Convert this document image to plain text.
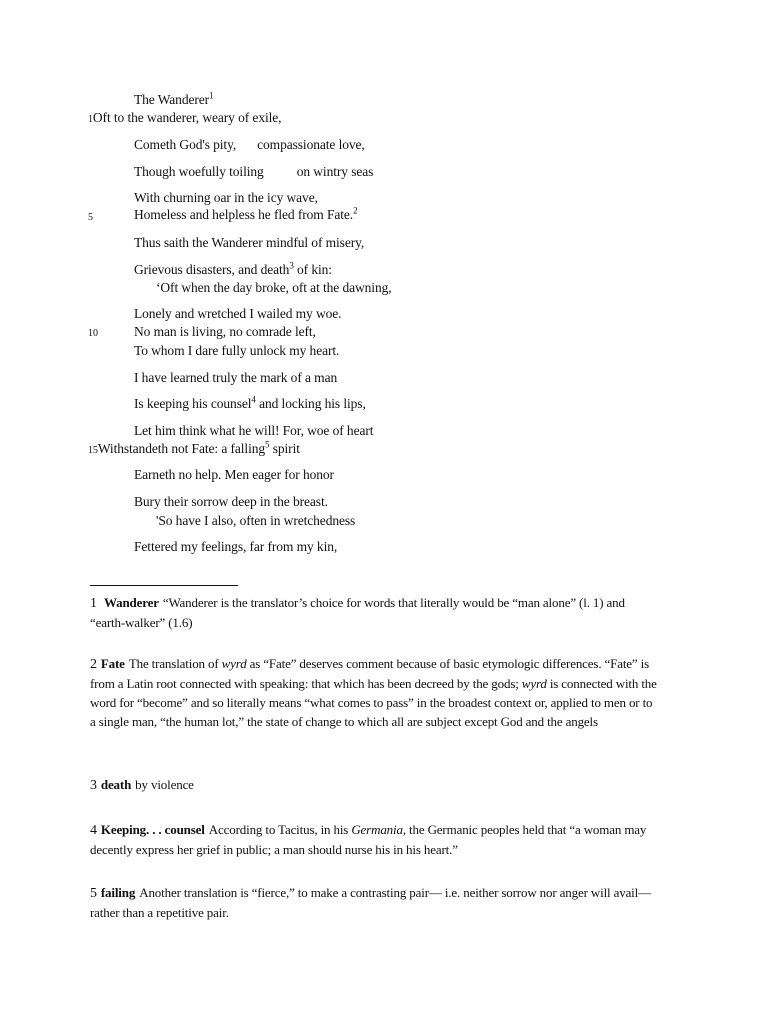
The Wanderer$^1$
1Oft to the wanderer, weary of exile,
Cometh God's pity, compassionate love,
Though woefully toiling on wintry seas
With churning oar in the icy wave,
5	Homeless and helpless he fled from Fate.$^2$
Thus saith the Wanderer mindful of misery,
Grievous disasters, and death$^3$ of kin:
‘Oft when the day broke, oft at the dawning,
Lonely and wretched I wailed my woe.
10	No man is living, no comrade left,
To whom I dare fully unlock my heart.
I have learned truly the mark of a man
Is keeping his counsel$^4$ and locking his lips,
Let him think what he will! For, woe of heart
15Withstandeth not Fate: a falling$^5$ spirit
Earneth no help. Men eager for honor
Bury their sorrow deep in the breast.
'So have I also, often in wretchedness
Fettered my feelings, far from my kin,
1 Wanderer “Wanderer is the translator’s choice for words that literally would be “man alone” (l. 1) and “earth-walker” (1.6)
2 Fate The translation of wyrd as “Fate” deserves comment because of basic etymologic differences. “Fate” is from a Latin root connected with speaking: that which has been decreed by the gods; wyrd is connected with the word for “become” and so literally means “what comes to pass” in the broadest context or, applied to men or to a single man, “the human lot,” the state of change to which all are subject except God and the angels
3 death by violence
4 Keeping. . . counsel According to Tacitus, in his Germania, the Germanic peoples held that “a woman may decently express her grief in public; a man should nurse his in his heart.”
5 failing Another translation is “fierce,” to make a contrasting pair— i.e. neither sorrow nor anger will avail—rather than a repetitive pair.
